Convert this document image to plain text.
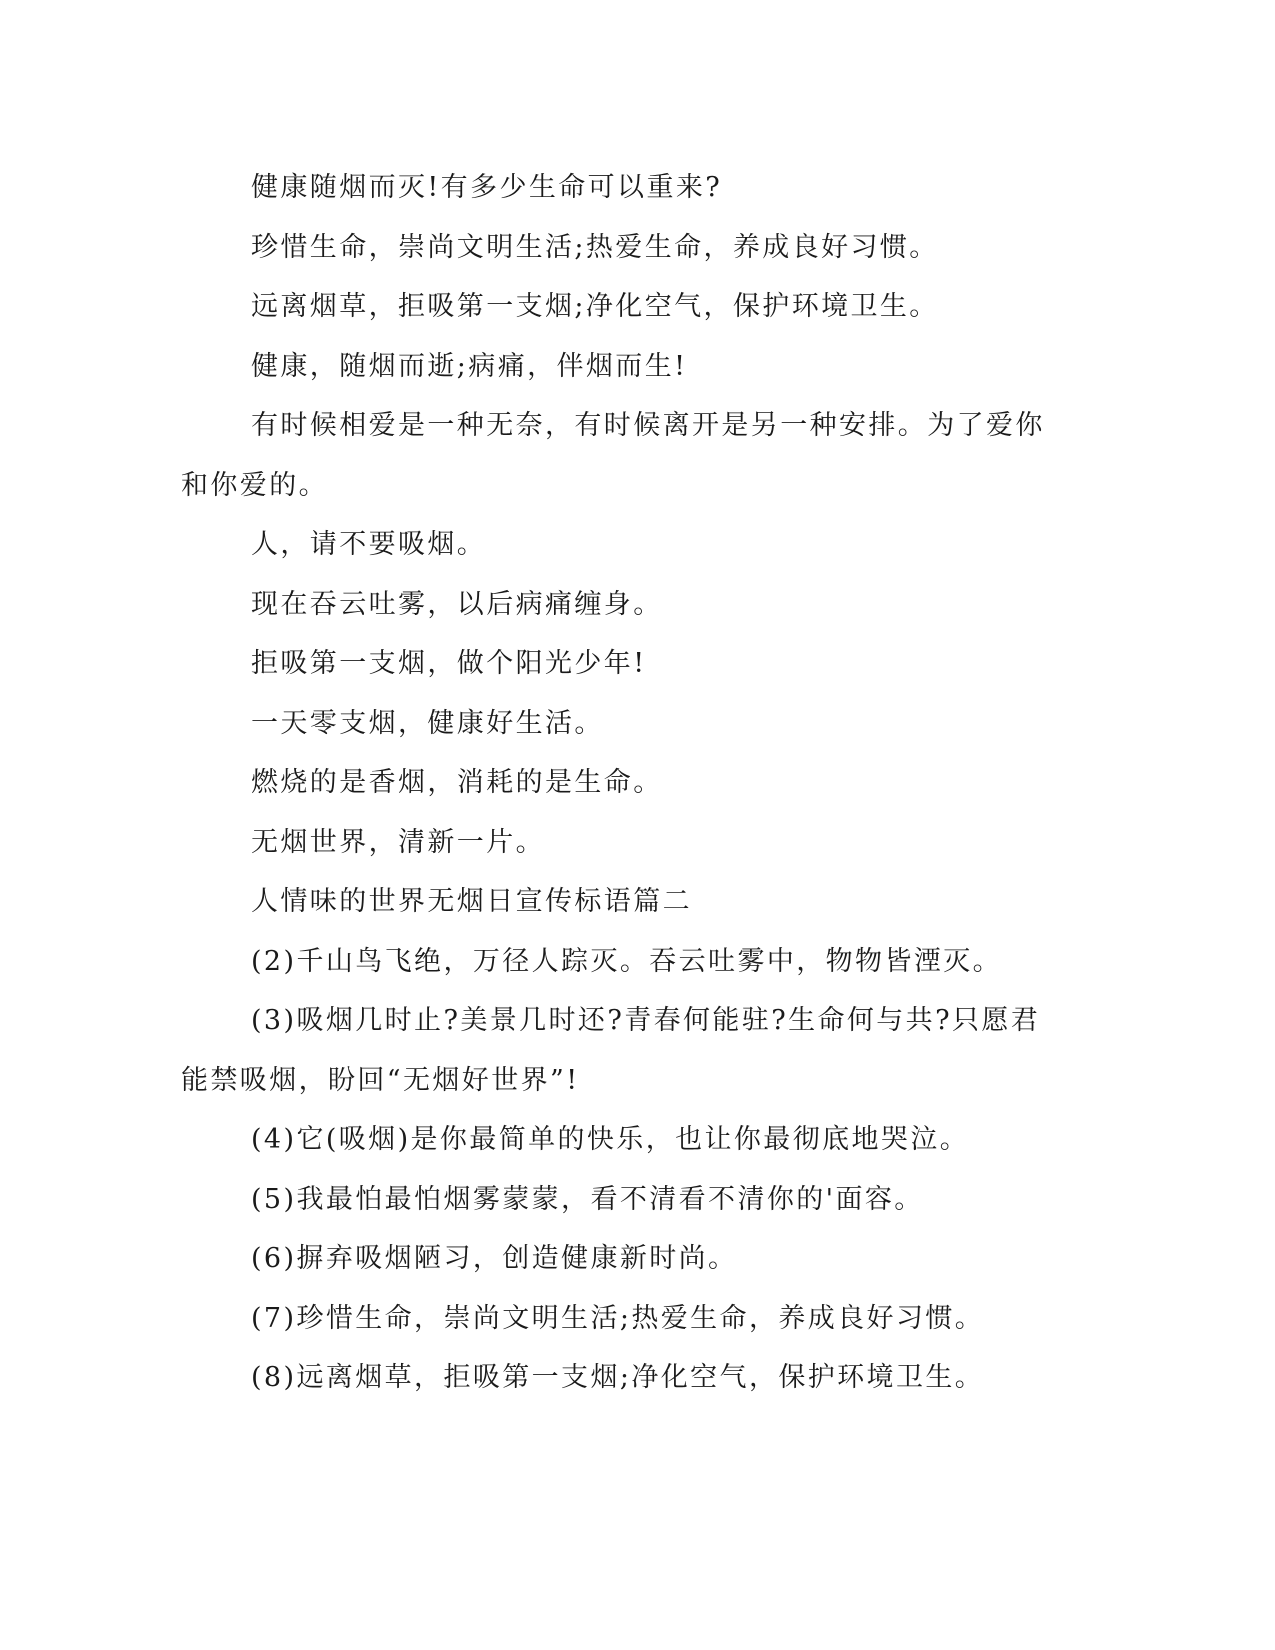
健康随烟而灭!有多少生命可以重来?

珍惜生命，崇尚文明生活;热爱生命，养成良好习惯。

远离烟草，拒吸第一支烟;净化空气，保护环境卫生。

健康，随烟而逝;病痛，伴烟而生!

有时候相爱是一种无奈，有时候离开是另一种安排。为了爱你和你爱的。

人，请不要吸烟。

现在吞云吐雾，以后病痛缠身。

拒吸第一支烟，做个阳光少年!

一天零支烟，健康好生活。

燃烧的是香烟，消耗的是生命。

无烟世界，清新一片。

人情味的世界无烟日宣传标语篇二

(2)千山鸟飞绝，万径人踪灭。吞云吐雾中，物物皆湮灭。

(3)吸烟几时止?美景几时还?青春何能驻?生命何与共?只愿君能禁吸烟，盼回“无烟好世界”!

(4)它(吸烟)是你最简单的快乐，也让你最彻底地哭泣。

(5)我最怕最怕烟雾蒙蒙，看不清看不清你的'面容。

(6)摒弃吸烟陋习，创造健康新时尚。

(7)珍惜生命，崇尚文明生活;热爱生命，养成良好习惯。

(8)远离烟草，拒吸第一支烟;净化空气，保护环境卫生。
